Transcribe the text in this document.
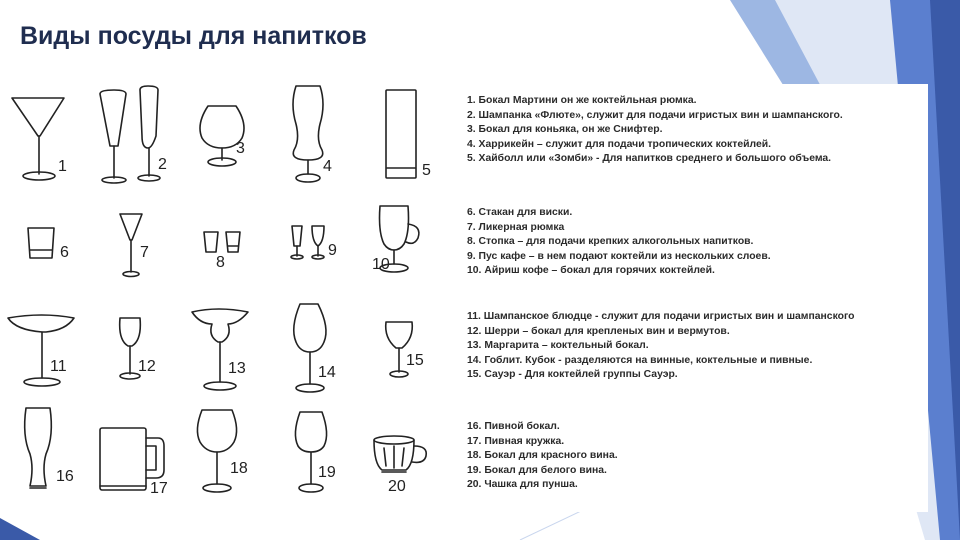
Виды посуды для напитков
1	2
3
4	5
6	7
8
9
10
11	12	13	14
15
16
17
18	19
20
1. Бокал Мартини он же коктейльная рюмка.
2. Шампанка «Флюте», служит для подачи игристых вин и шампанского.
3. Бокал для коньяка, он же Снифтер.
4. Харрикейн – служит для подачи тропических коктейлей.
5. Хайболл или «Зомби» - Для напитков среднего и большого объема.
6. Стакан для виски.
7. Ликерная рюмка
8. Стопка – для подачи крепких алкогольных напитков.
9. Пус кафе – в нем подают коктейли из нескольких слоев.
10. Айриш кофе – бокал для горячих коктейлей.
11. Шампанское блюдце - служит для подачи игристых вин и шампанского
12. Шерри – бокал для крепленых вин и вермутов.
13. Маргарита – коктельный бокал.
14. Гоблит. Кубок - разделяются на винные, коктельные и пивные.
15. Сауэр - Для коктейлей группы Сауэр.
16. Пивной бокал.
17. Пивная кружка.
18. Бокал для красного вина.
19. Бокал для белого вина.
20. Чашка для пунша.
